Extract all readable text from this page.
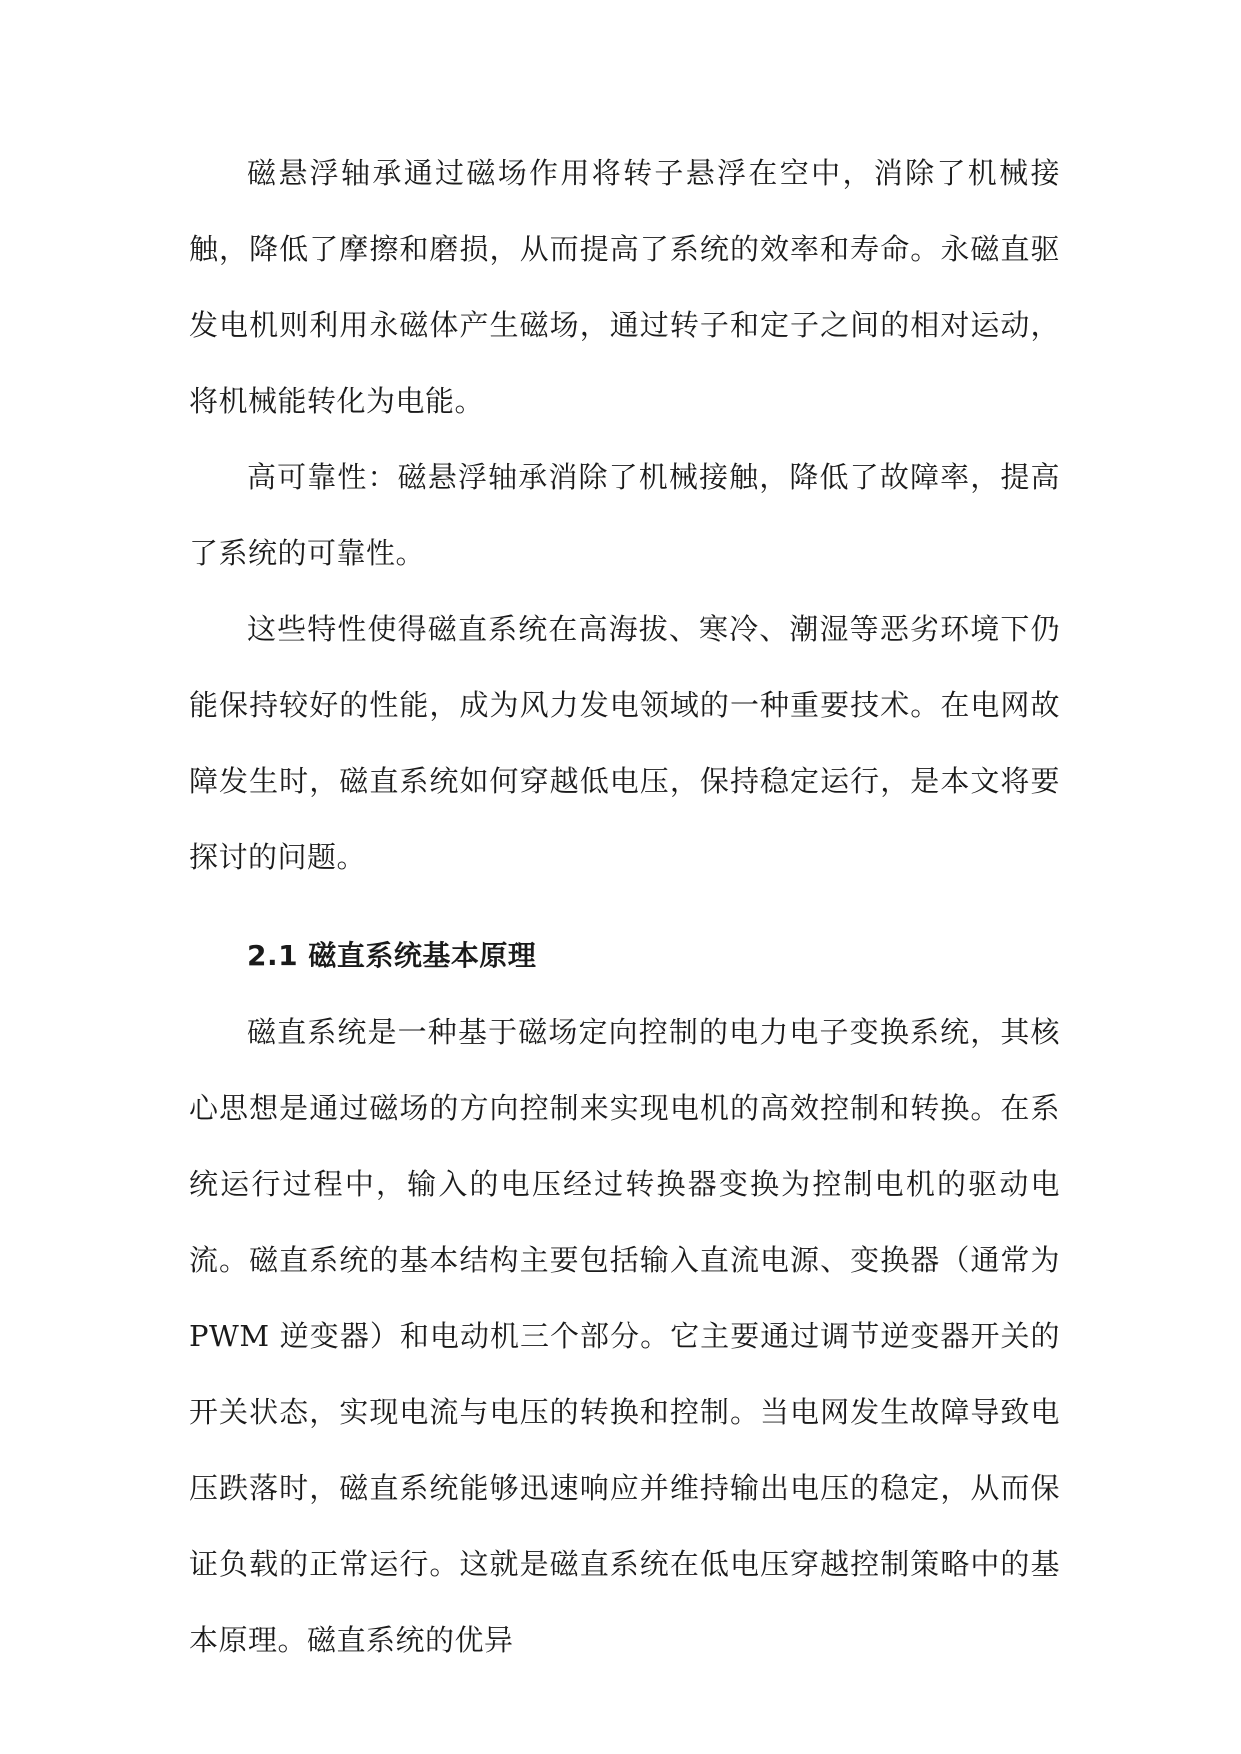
磁悬浮轴承通过磁场作用将转子悬浮在空中，消除了机械接触，降低了摩擦和磨损，从而提高了系统的效率和寿命。永磁直驱发电机则利用永磁体产生磁场，通过转子和定子之间的相对运动，将机械能转化为电能。

高可靠性：磁悬浮轴承消除了机械接触，降低了故障率，提高了系统的可靠性。

这些特性使得磁直系统在高海拔、寒冷、潮湿等恶劣环境下仍能保持较好的性能，成为风力发电领域的一种重要技术。在电网故障发生时，磁直系统如何穿越低电压，保持稳定运行，是本文将要探讨的问题。

2.1 磁直系统基本原理

磁直系统是一种基于磁场定向控制的电力电子变换系统，其核心思想是通过磁场的方向控制来实现电机的高效控制和转换。在系统运行过程中，输入的电压经过转换器变换为控制电机的驱动电流。磁直系统的基本结构主要包括输入直流电源、变换器（通常为 PWM 逆变器）和电动机三个部分。它主要通过调节逆变器开关的开关状态，实现电流与电压的转换和控制。当电网发生故障导致电压跌落时，磁直系统能够迅速响应并维持输出电压的稳定，从而保证负载的正常运行。这就是磁直系统在低电压穿越控制策略中的基本原理。磁直系统的优异
